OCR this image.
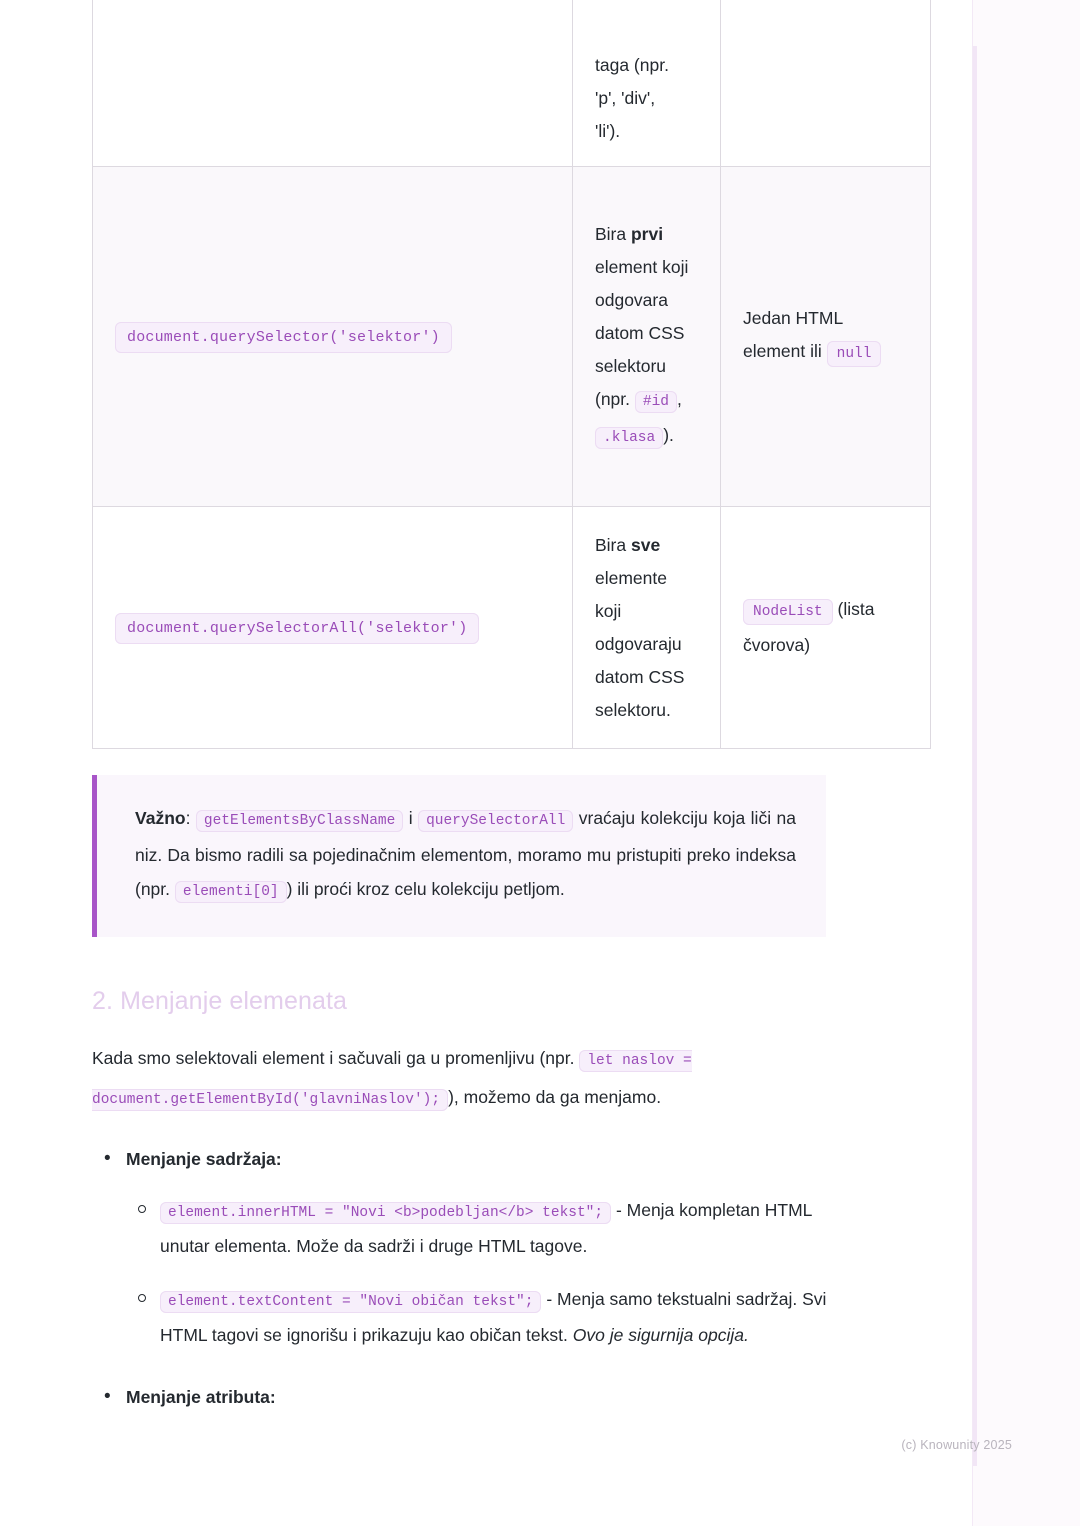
	taga (npr.
'p', 'div',
'li').	
document.querySelector('selektor')	Bira prvi element koji odgovara datom CSS selektoru (npr. #id , .klasa ).	Jedan HTML element ili null
document.querySelectorAll('selektor')	Bira sve elemente koji odgovaraju datom CSS selektoru.	NodeList (lista čvorova)
Važno: getElementsByClassName i querySelectorAll vraćaju kolekciju koja liči na niz. Da bismo radili sa pojedinačnim elementom, moramo mu pristupiti preko indeksa (npr. elementi[0] ) ili proći kroz celu kolekciju petljom.
2. Menjanje elemenata

Kada smo selektovali element i sačuvali ga u promenljivu (npr. let naslov = document.getElementById('glavniNaslov'); ), možemo da ga menjamo.

• Menjanje sadržaja:
element.innerHTML = "Novi <b>podebljan</b> tekst"; - Menja kompletan HTML unutar elementa. Može da sadrži i druge HTML tagove.
element.textContent = "Novi običan tekst"; - Menja samo tekstualni sadržaj. Svi HTML tagovi se ignorišu i prikazuju kao običan tekst. Ovo je sigurnija opcija.
• Menjanje atributa:
(c) Knowunity 2025
